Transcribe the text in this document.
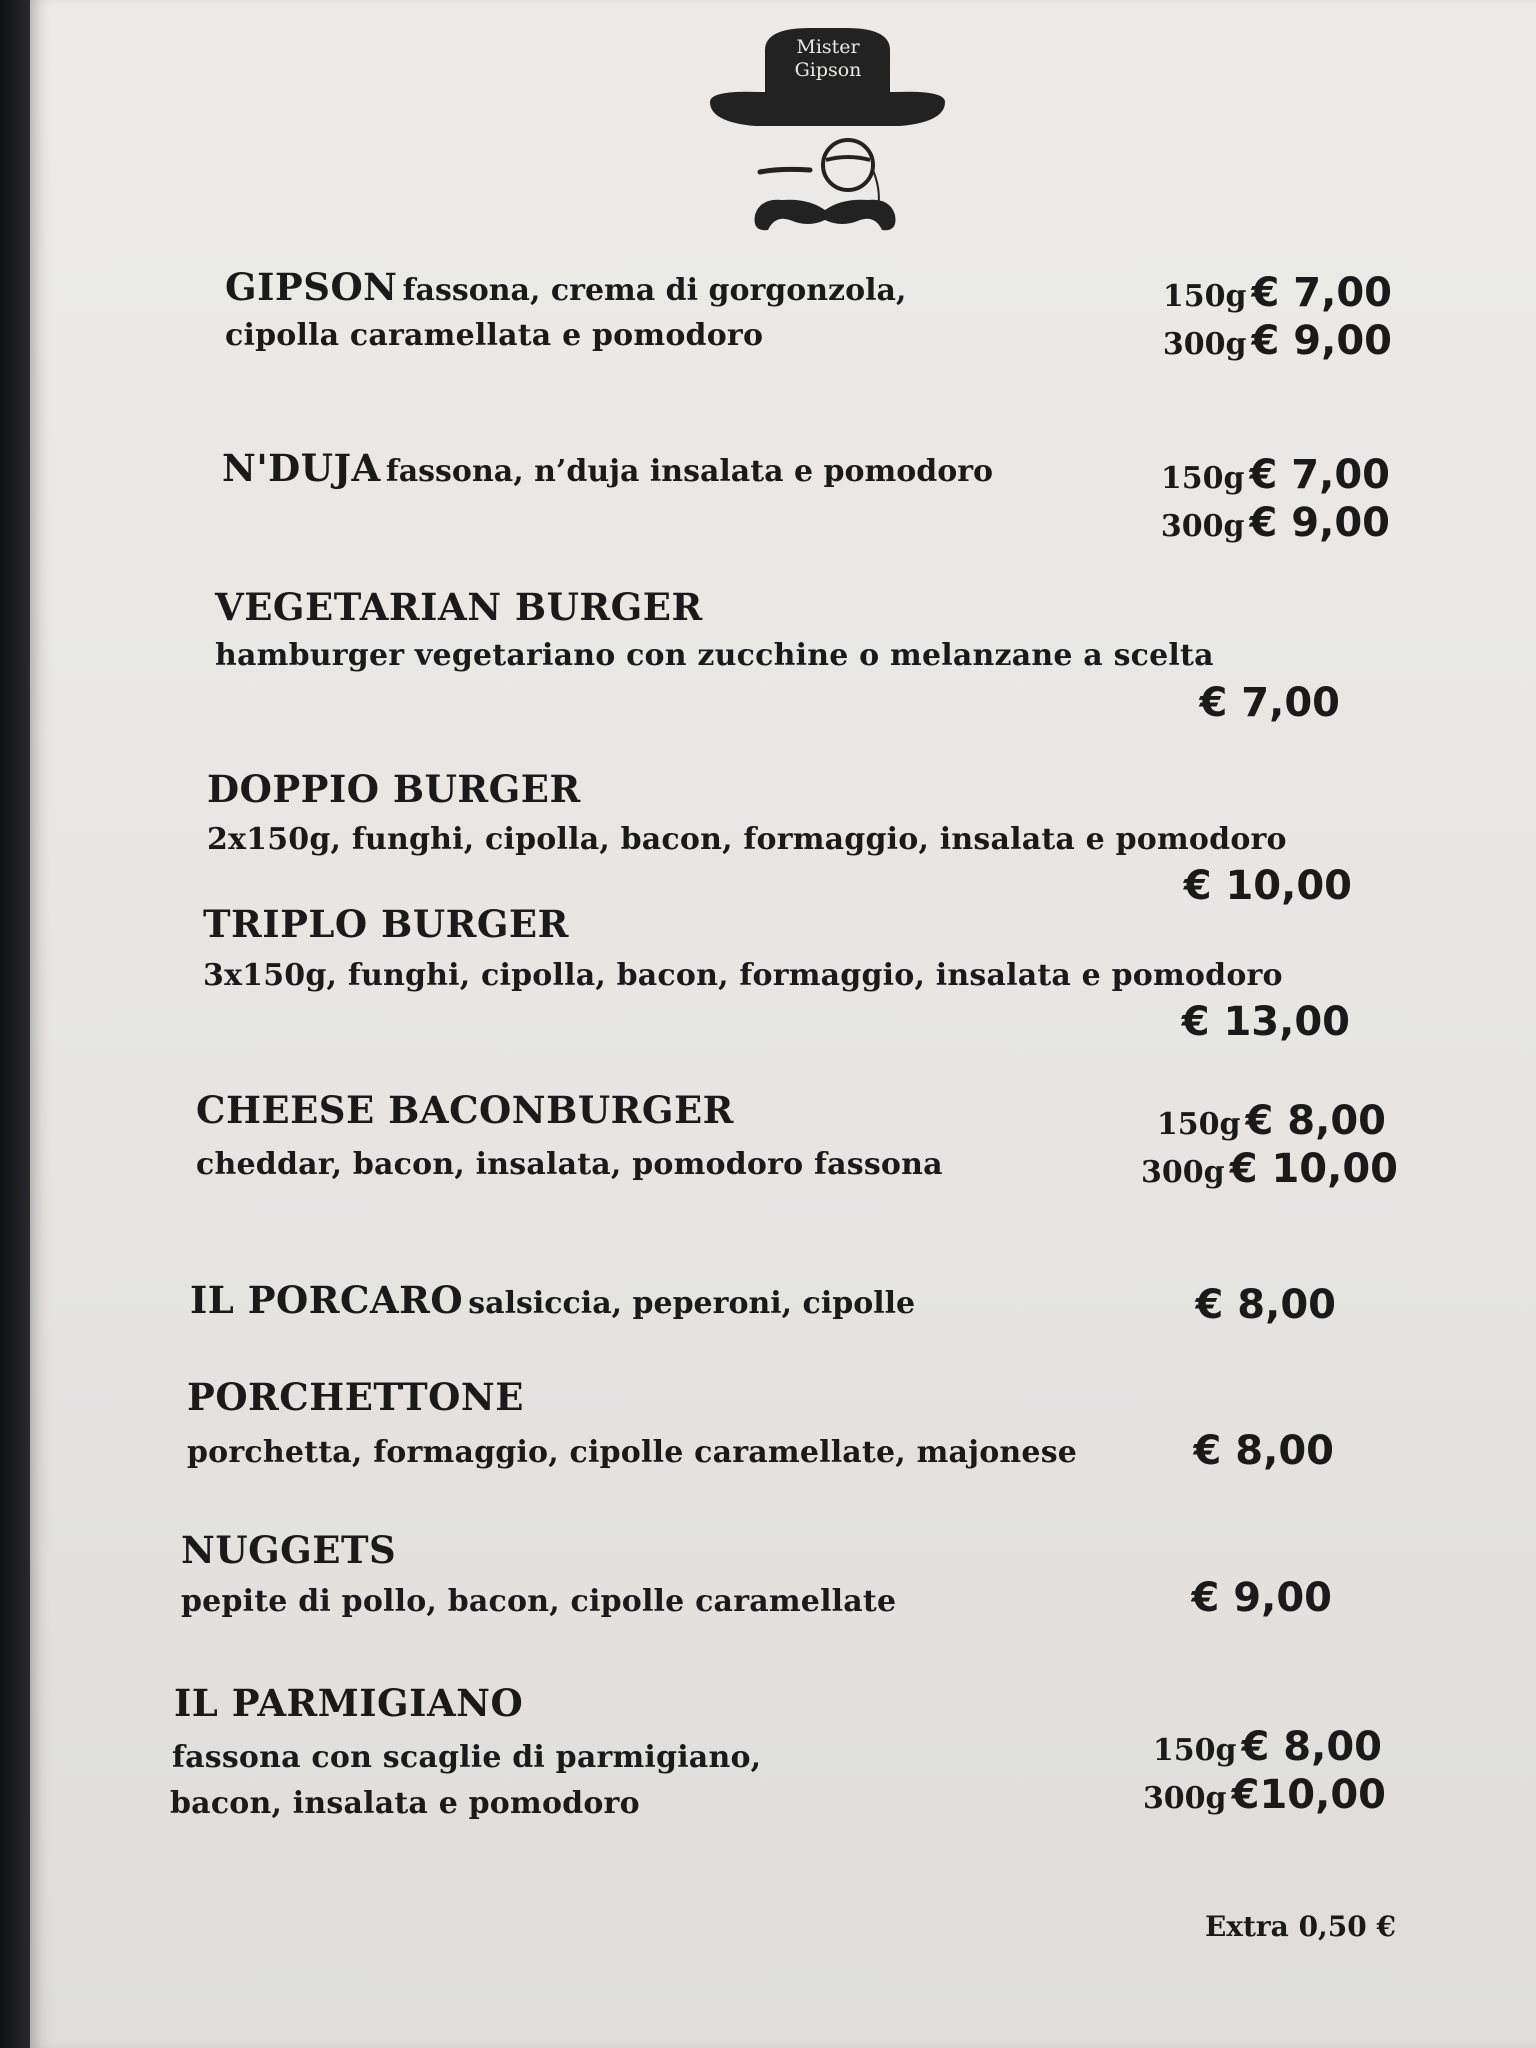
Mister
Gipson
GIPSON fassona, crema di gorgonzola,
cipolla caramellata e pomodoro
150g € 7,00
300g € 9,00
N'DUJA fassona, n’duja insalata e pomodoro	150g € 7,00
300g € 9,00
VEGETARIAN BURGER
hamburger vegetariano con zucchine o melanzane a scelta
€ 7,00
DOPPIO BURGER
2x150g, funghi, cipolla, bacon, formaggio, insalata e pomodoro
€ 10,00
TRIPLO BURGER
3x150g, funghi, cipolla, bacon, formaggio, insalata e pomodoro
€ 13,00
CHEESE BACONBURGER
cheddar, bacon, insalata, pomodoro fassona
150g € 8,00
300g € 10,00
IL PORCARO salsiccia, peperoni, cipolle	€ 8,00
PORCHETTONE
porchetta, formaggio, cipolle caramellate, majonese	€ 8,00
NUGGETS
pepite di pollo, bacon, cipolle caramellate	€ 9,00
IL PARMIGIANO
fassona con scaglie di parmigiano,
bacon, insalata e pomodoro
150g € 8,00
300g €10,00
Extra 0,50 €
